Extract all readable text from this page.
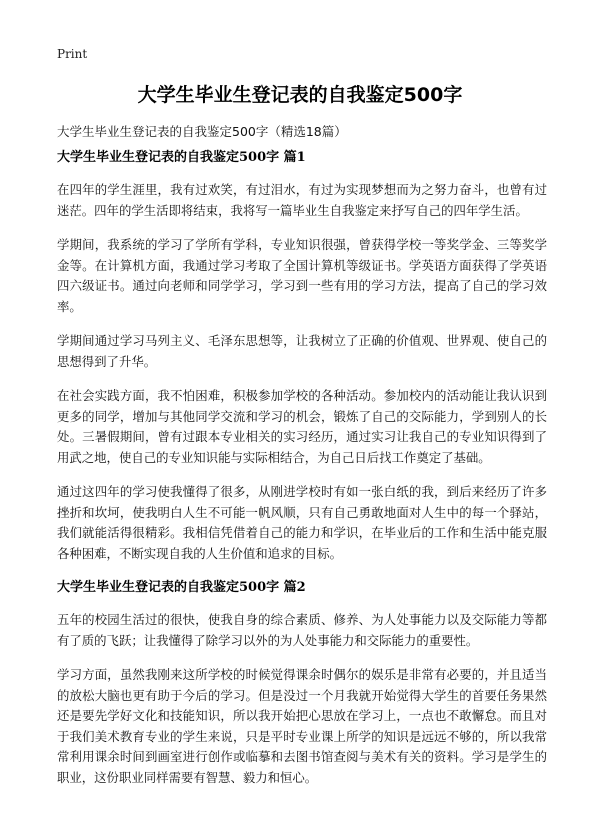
Print
大学生毕业生登记表的自我鉴定500字
大学生毕业生登记表的自我鉴定500字（精选18篇）
大学生毕业生登记表的自我鉴定500字 篇1

在四年的学生涯里，我有过欢笑，有过泪水，有过为实现梦想而为之努力奋斗，也曾有过迷茫。四年的学生活即将结束，我将写一篇毕业生自我鉴定来抒写自己的四年学生活。

学期间，我系统的学习了学所有学科，专业知识很强，曾获得学校一等奖学金、三等奖学金等。在计算机方面，我通过学习考取了全国计算机等级证书。学英语方面获得了学英语四六级证书。通过向老师和同学学习，学习到一些有用的学习方法，提高了自己的学习效率。

学期间通过学习马列主义、毛泽东思想等，让我树立了正确的价值观、世界观、使自己的思想得到了升华。

在社会实践方面，我不怕困难，积极参加学校的各种活动。参加校内的活动能让我认识到更多的同学，增加与其他同学交流和学习的机会，锻炼了自己的交际能力，学到别人的长处。三暑假期间，曾有过跟本专业相关的实习经历，通过实习让我自己的专业知识得到了用武之地，使自己的专业知识能与实际相结合，为自己日后找工作奠定了基础。

通过这四年的学习使我懂得了很多，从刚进学校时有如一张白纸的我，到后来经历了许多挫折和坎坷，使我明白人生不可能一帆风顺，只有自己勇敢地面对人生中的每一个驿站，我们就能活得很精彩。我相信凭借着自己的能力和学识，在毕业后的工作和生活中能克服各种困难，不断实现自我的人生价值和追求的目标。

大学生毕业生登记表的自我鉴定500字 篇2

五年的校园生活过的很快，使我自身的综合素质、修养、为人处事能力以及交际能力等都有了质的飞跃；让我懂得了除学习以外的为人处事能力和交际能力的重要性。

学习方面，虽然我刚来这所学校的时候觉得课余时偶尔的娱乐是非常有必要的，并且适当的放松大脑也更有助于今后的学习。但是没过一个月我就开始觉得大学生的首要任务果然还是要先学好文化和技能知识，所以我开始把心思放在学习上，一点也不敢懈怠。而且对于我们美术教育专业的学生来说，只是平时专业课上所学的知识是远远不够的，所以我常常利用课余时间到画室进行创作或临摹和去图书馆查阅与美术有关的资料。学习是学生的职业，这份职业同样需要有智慧、毅力和恒心。
